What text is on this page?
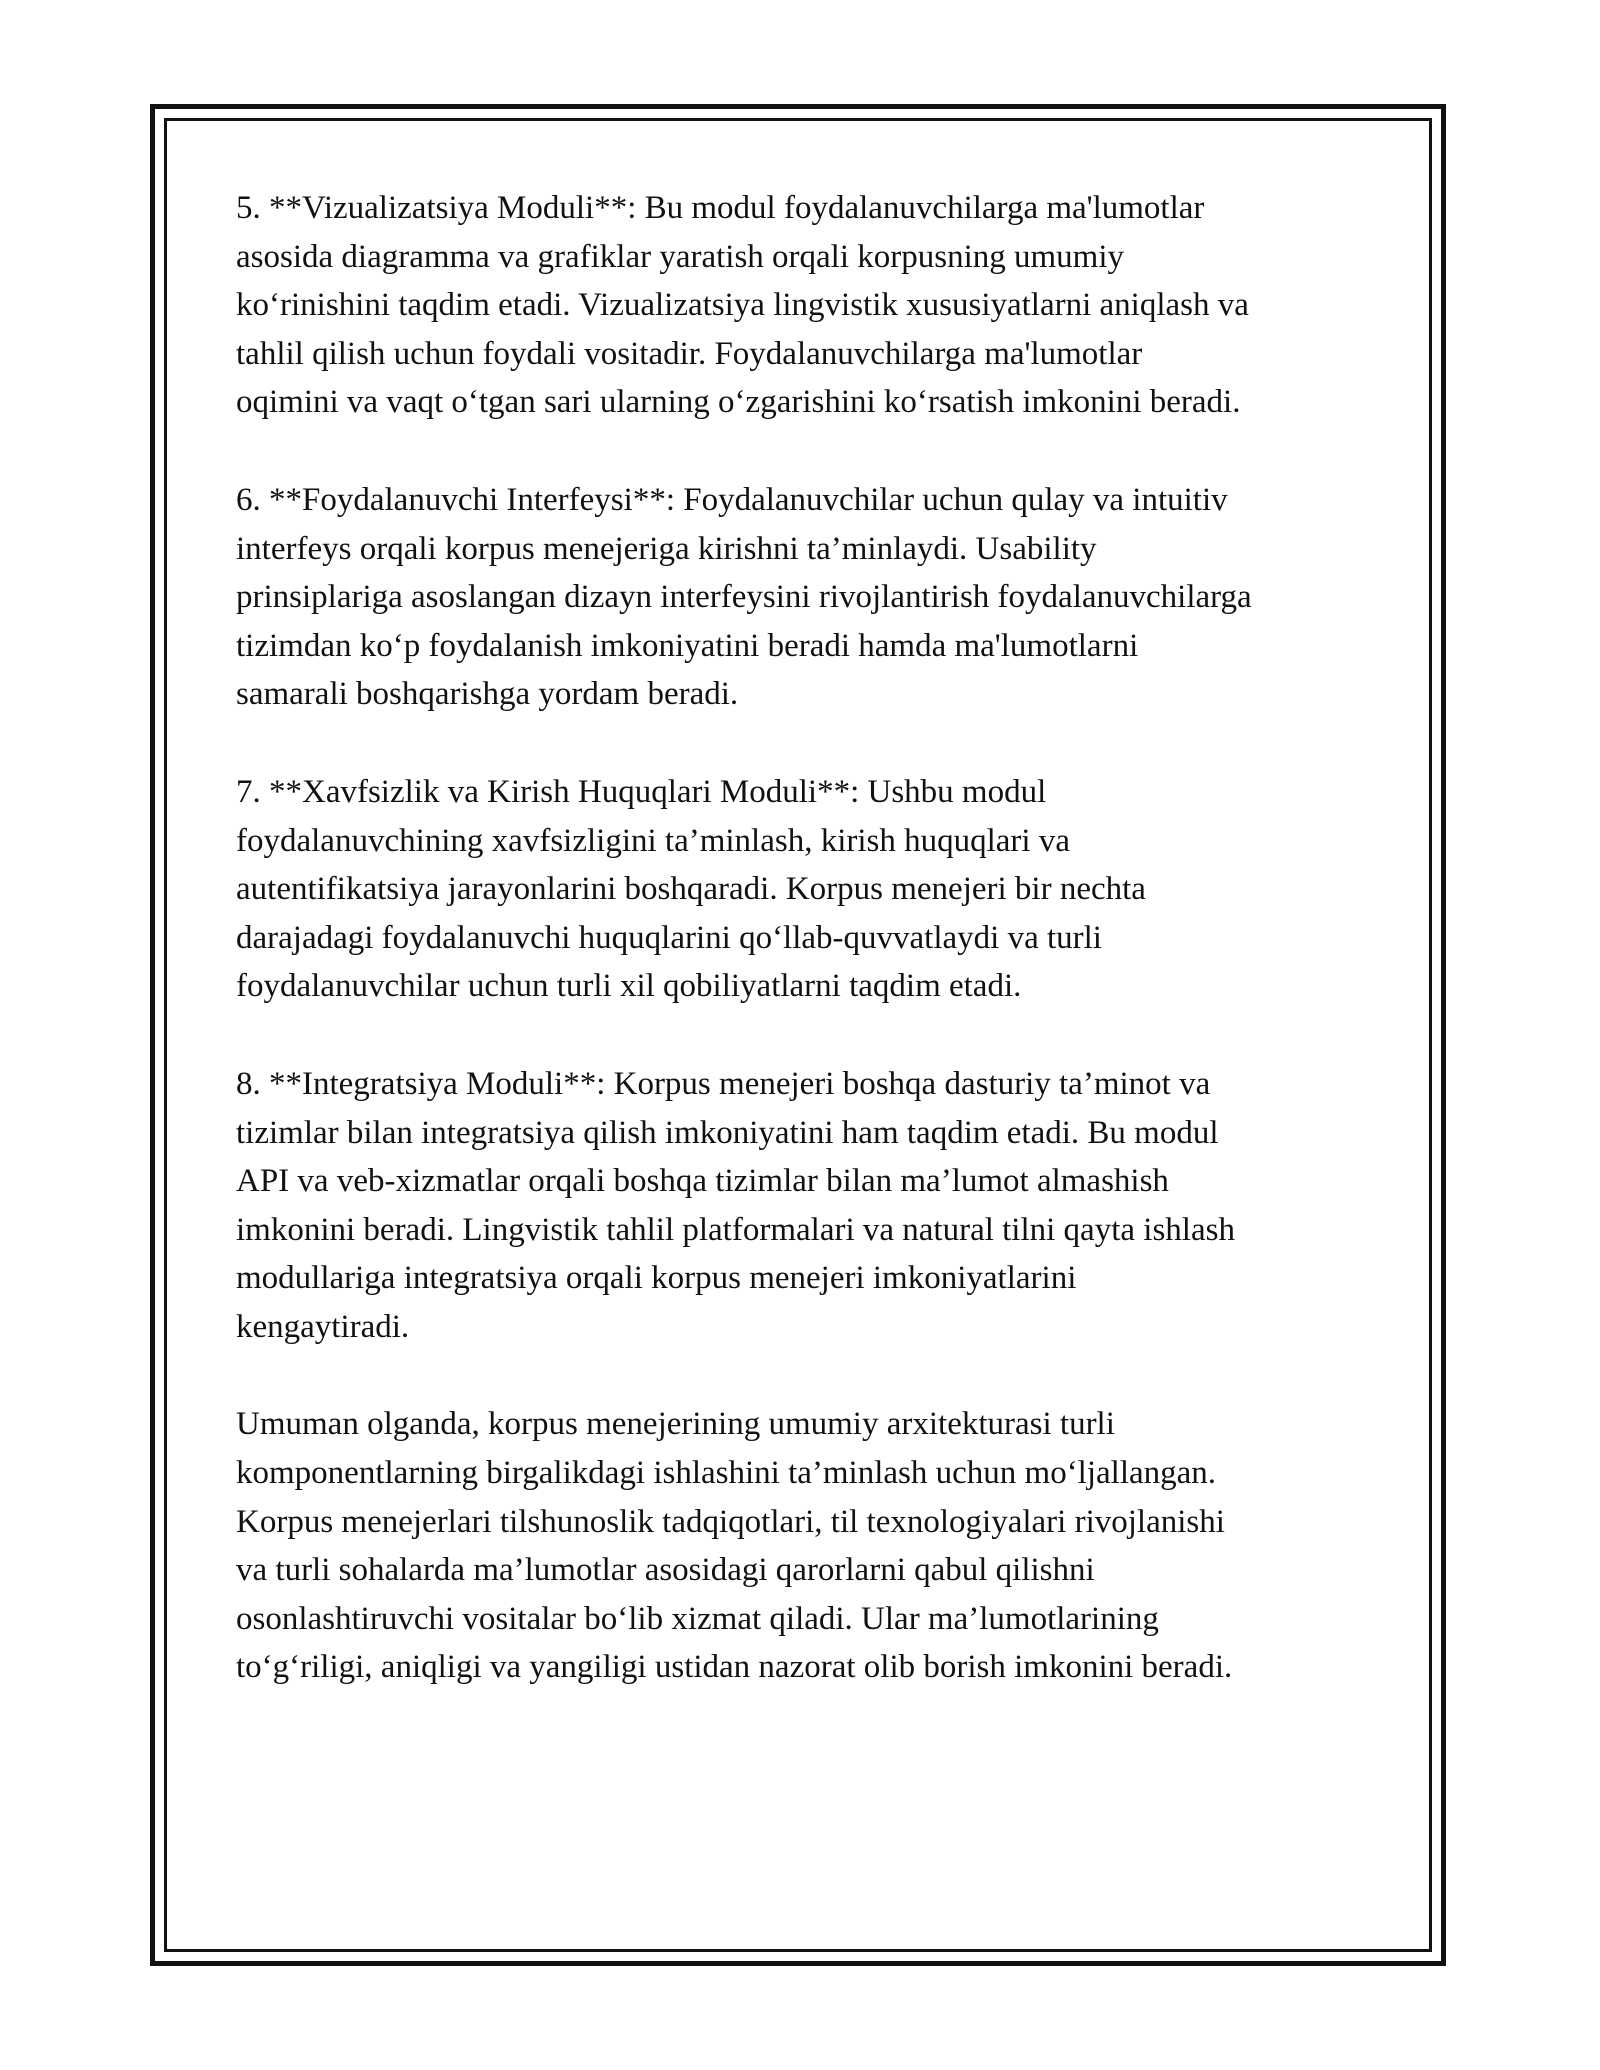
5. **Vizualizatsiya Moduli**: Bu modul foydalanuvchilarga ma'lumotlar
asosida diagramma va grafiklar yaratish orqali korpusning umumiy
ko‘rinishini taqdim etadi. Vizualizatsiya lingvistik xususiyatlarni aniqlash va
tahlil qilish uchun foydali vositadir. Foydalanuvchilarga ma'lumotlar
oqimini va vaqt o‘tgan sari ularning o‘zgarishini ko‘rsatish imkonini beradi.

6. **Foydalanuvchi Interfeysi**: Foydalanuvchilar uchun qulay va intuitiv
interfeys orqali korpus menejeriga kirishni ta’minlaydi. Usability
prinsiplariga asoslangan dizayn interfeysini rivojlantirish foydalanuvchilarga
tizimdan ko‘p foydalanish imkoniyatini beradi hamda ma'lumotlarni
samarali boshqarishga yordam beradi.

7. **Xavfsizlik va Kirish Huquqlari Moduli**: Ushbu modul
foydalanuvchining xavfsizligini ta’minlash, kirish huquqlari va
autentifikatsiya jarayonlarini boshqaradi. Korpus menejeri bir nechta
darajadagi foydalanuvchi huquqlarini qo‘llab-quvvatlaydi va turli
foydalanuvchilar uchun turli xil qobiliyatlarni taqdim etadi.

8. **Integratsiya Moduli**: Korpus menejeri boshqa dasturiy ta’minot va
tizimlar bilan integratsiya qilish imkoniyatini ham taqdim etadi. Bu modul
API va veb-xizmatlar orqali boshqa tizimlar bilan ma’lumot almashish
imkonini beradi. Lingvistik tahlil platformalari va natural tilni qayta ishlash
modullariga integratsiya orqali korpus menejeri imkoniyatlarini
kengaytiradi.

Umuman olganda, korpus menejerining umumiy arxitekturasi turli
komponentlarning birgalikdagi ishlashini ta’minlash uchun mo‘ljallangan.
Korpus menejerlari tilshunoslik tadqiqotlari, til texnologiyalari rivojlanishi
va turli sohalarda ma’lumotlar asosidagi qarorlarni qabul qilishni
osonlashtiruvchi vositalar bo‘lib xizmat qiladi. Ular ma’lumotlarining
to‘g‘riligi, aniqligi va yangiligi ustidan nazorat olib borish imkonini beradi.
